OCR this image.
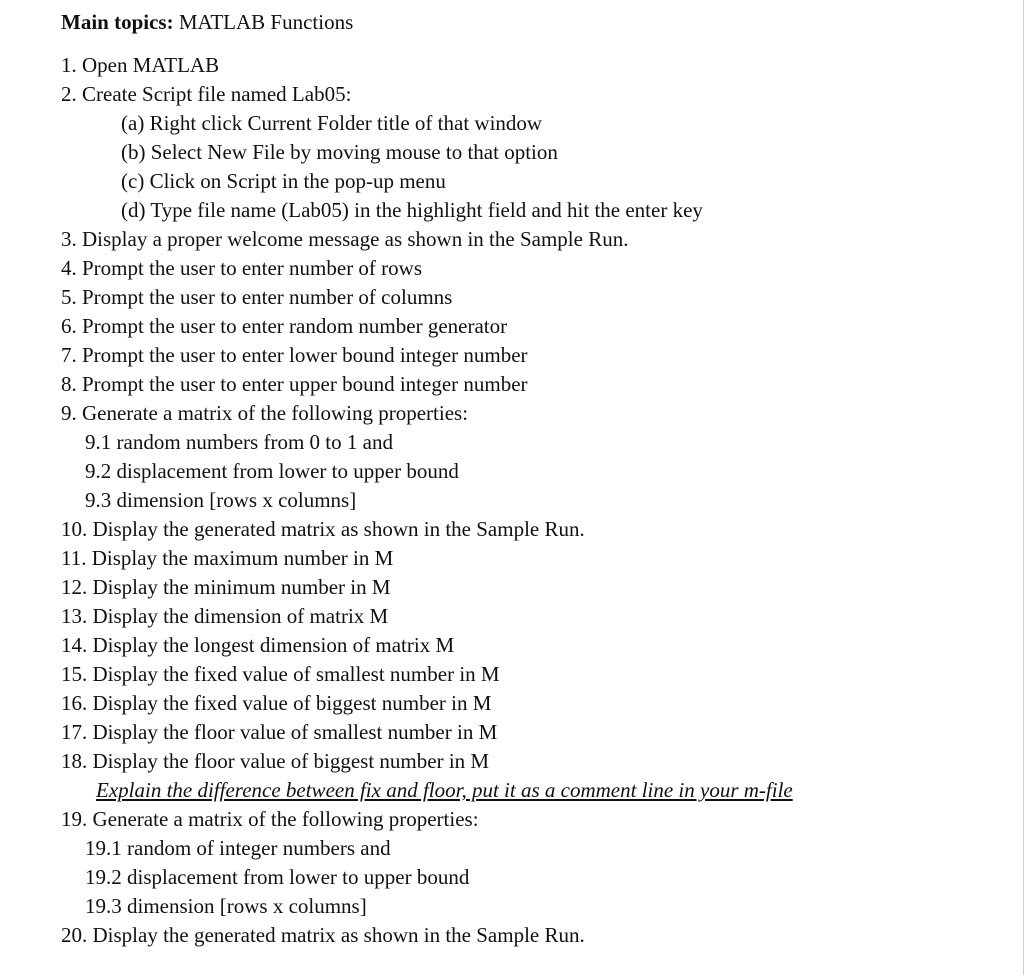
Main topics: MATLAB Functions
1. Open MATLAB
2. Create Script file named Lab05:
(a) Right click Current Folder title of that window
(b) Select New File by moving mouse to that option
(c) Click on Script in the pop-up menu
(d) Type file name (Lab05) in the highlight field and hit the enter key
3. Display a proper welcome message as shown in the Sample Run.
4. Prompt the user to enter number of rows
5. Prompt the user to enter number of columns
6. Prompt the user to enter random number generator
7. Prompt the user to enter lower bound integer number
8. Prompt the user to enter upper bound integer number
9. Generate a matrix of the following properties:
9.1 random numbers from 0 to 1 and
9.2 displacement from lower to upper bound
9.3 dimension [rows x columns]
10. Display the generated matrix as shown in the Sample Run.
11. Display the maximum number in M
12. Display the minimum number in M
13. Display the dimension of matrix M
14. Display the longest dimension of matrix M
15. Display the fixed value of smallest number in M
16. Display the fixed value of biggest number in M
17. Display the floor value of smallest number in M
18. Display the floor value of biggest number in M
Explain the difference between fix and floor, put it as a comment line in your m-file
19. Generate a matrix of the following properties:
19.1 random of integer numbers and
19.2 displacement from lower to upper bound
19.3 dimension [rows x columns]
20. Display the generated matrix as shown in the Sample Run.
